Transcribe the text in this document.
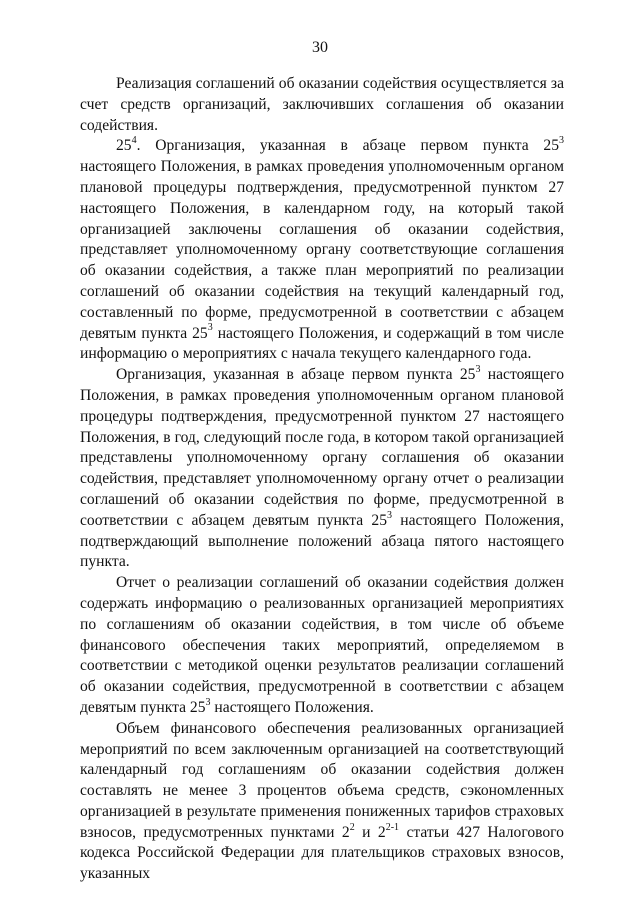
30

Реализация соглашений об оказании содействия осуществляется за счет средств организаций, заключивших соглашения об оказании содействия.

$25^4$. Организация, указанная в абзаце первом пункта $25^3$ настоящего Положения, в рамках проведения уполномоченным органом плановой процедуры подтверждения, предусмотренной пунктом 27 настоящего Положения, в календарном году, на который такой организацией заключены соглашения об оказании содействия, представляет уполномоченному органу соответствующие соглашения об оказании содействия, а также план мероприятий по реализации соглашений об оказании содействия на текущий календарный год, составленный по форме, предусмотренной в соответствии с абзацем девятым пункта $25^3$ настоящего Положения, и содержащий в том числе информацию о мероприятиях с начала текущего календарного года.

Организация, указанная в абзаце первом пункта $25^3$ настоящего Положения, в рамках проведения уполномоченным органом плановой процедуры подтверждения, предусмотренной пунктом 27 настоящего Положения, в год, следующий после года, в котором такой организацией представлены уполномоченному органу соглашения об оказании содействия, представляет уполномоченному органу отчет о реализации соглашений об оказании содействия по форме, предусмотренной в соответствии с абзацем девятым пункта $25^3$ настоящего Положения, подтверждающий выполнение положений абзаца пятого настоящего пункта.

Отчет о реализации соглашений об оказании содействия должен содержать информацию о реализованных организацией мероприятиях по соглашениям об оказании содействия, в том числе об объеме финансового обеспечения таких мероприятий, определяемом в соответствии с методикой оценки результатов реализации соглашений об оказании содействия, предусмотренной в соответствии с абзацем девятым пункта $25^3$ настоящего Положения.

Объем финансового обеспечения реализованных организацией мероприятий по всем заключенным организацией на соответствующий календарный год соглашениям об оказании содействия должен составлять не менее 3 процентов объема средств, сэкономленных организацией в результате применения пониженных тарифов страховых взносов, предусмотренных пунктами $2^2$ и 2$^{2-1}$ статьи 427 Налогового кодекса Российской Федерации для плательщиков страховых взносов, указанных
